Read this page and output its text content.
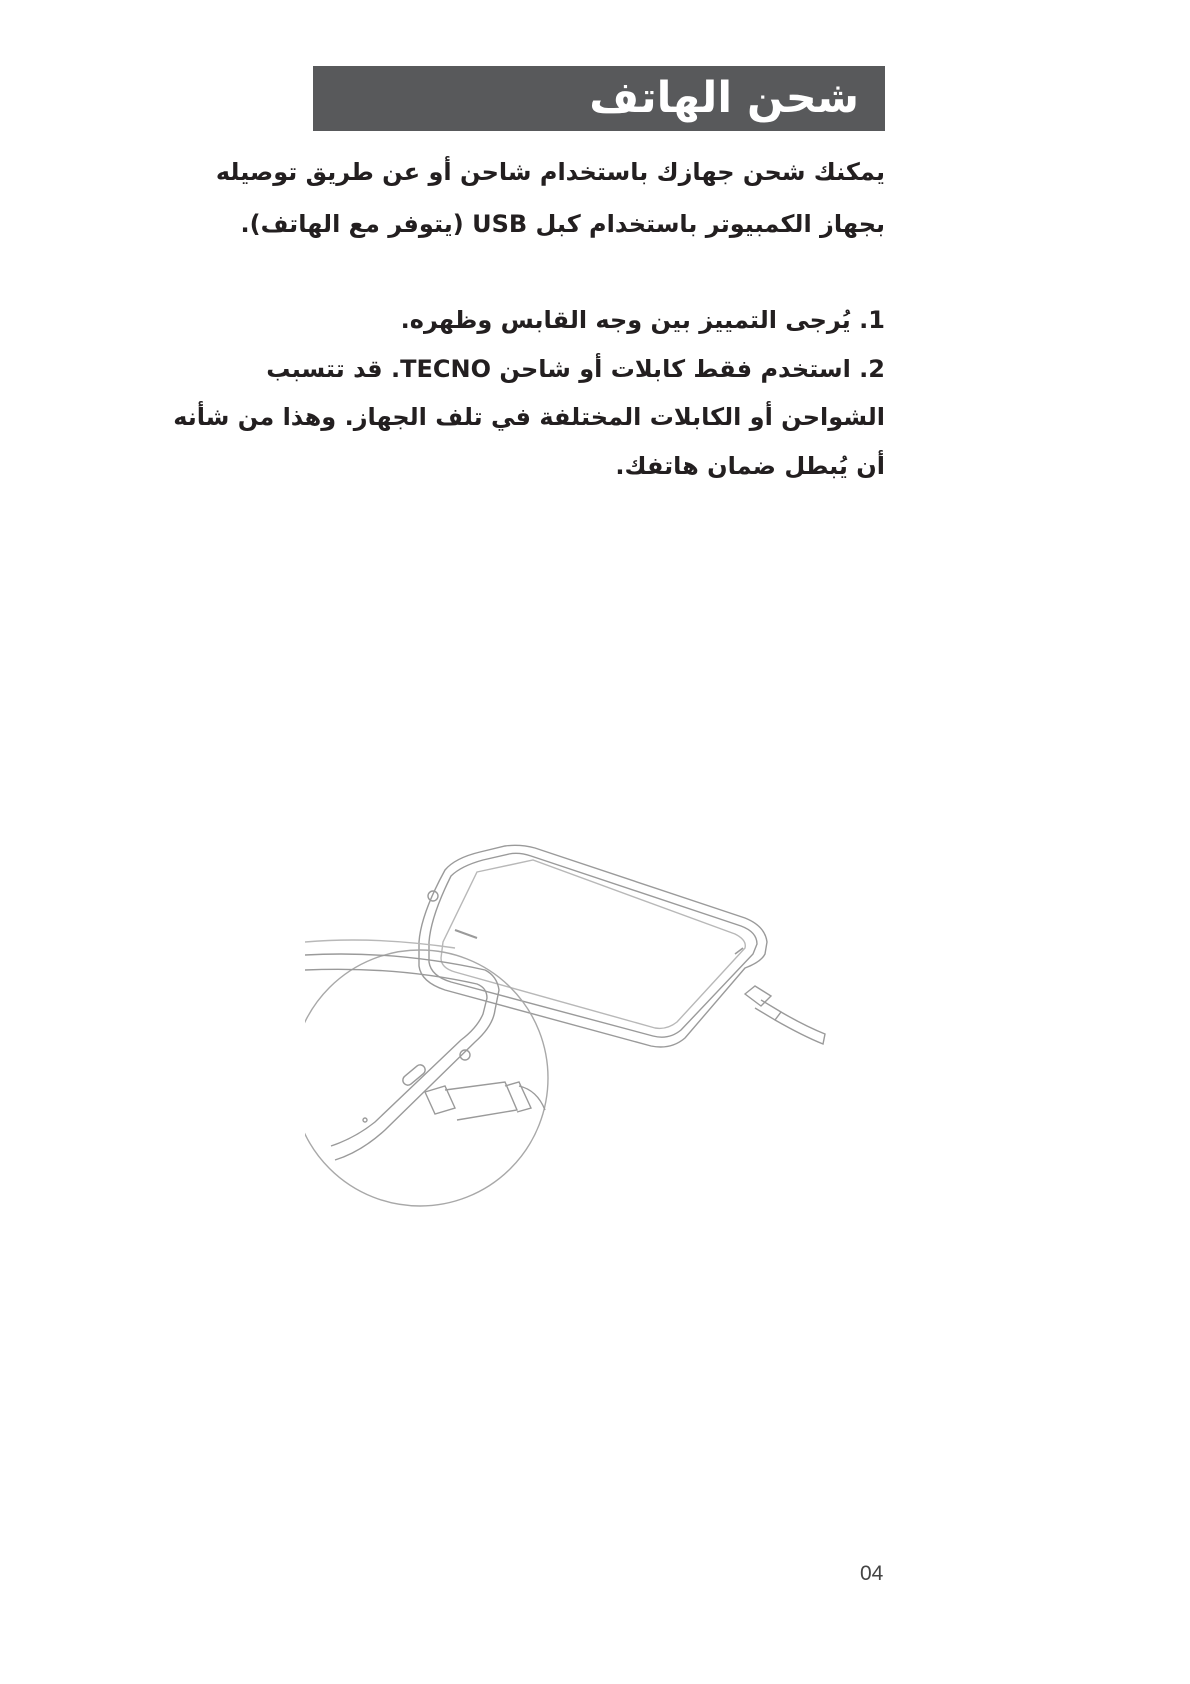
شحن الهاتف
يمكنك شحن جهازك باستخدام شاحن أو عن طريق توصيله
بجهاز الكمبيوتر باستخدام كبل USB (يتوفر مع الهاتف).
1. يُرجى التمييز بين وجه القابس وظهره.
2. استخدم فقط كابلات أو شاحن TECNO. قد تتسبب
الشواحن أو الكابلات المختلفة في تلف الجهاز. وهذا من شأنه
أن يُبطل ضمان هاتفك.
04
